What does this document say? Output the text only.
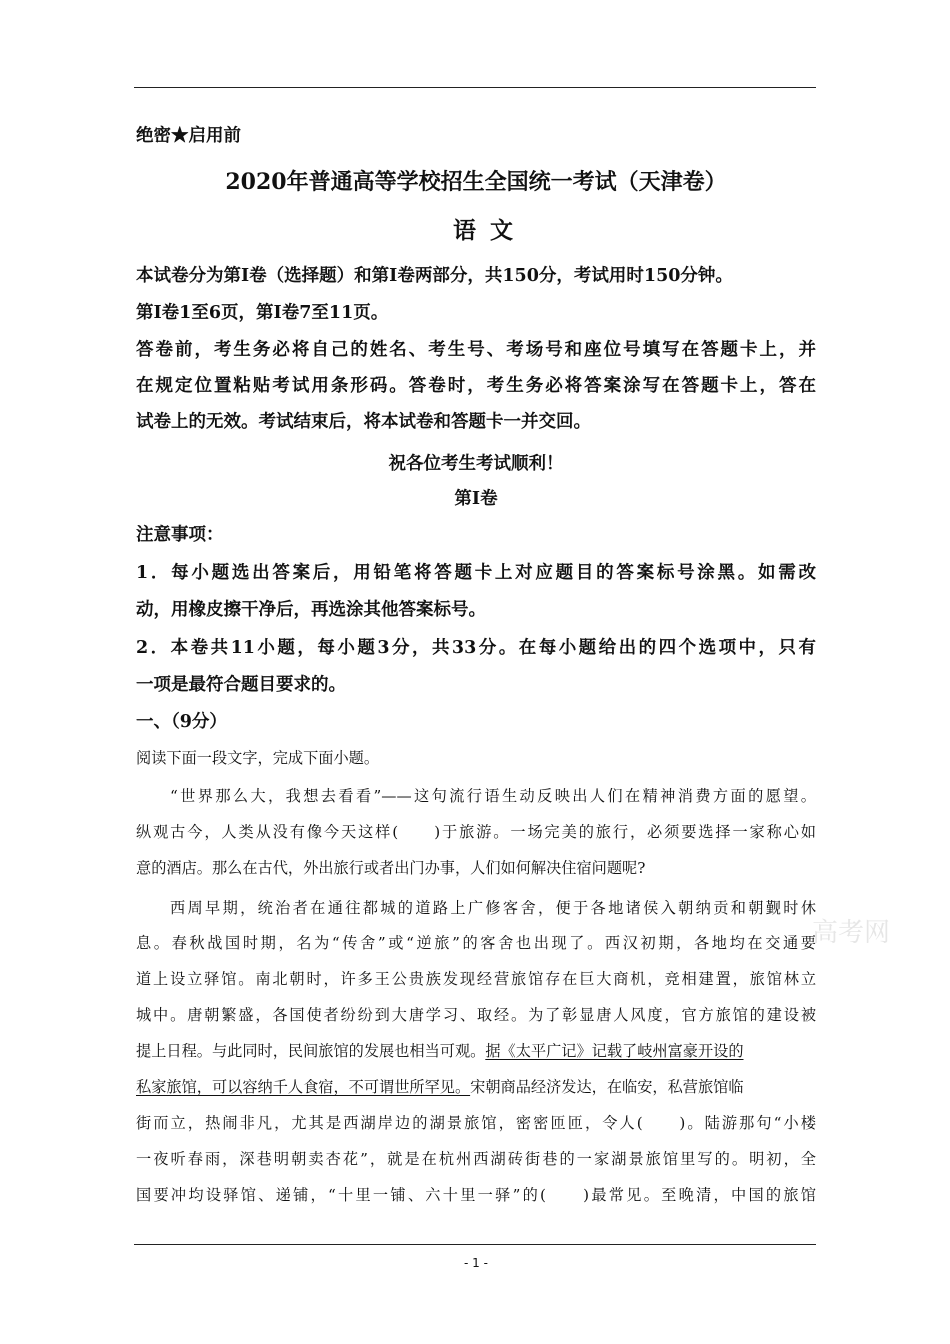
绝密★启用前
2020年普通高等学校招生全国统一考试（天津卷）
语文
本试卷分为第Ⅰ卷（选择题）和第Ⅰ卷两部分，共150分，考试用时150分钟。
第Ⅰ卷1至6页，第Ⅰ卷7至11页。
答卷前，考生务必将自己的姓名、考生号、考场号和座位号填写在答题卡上，并
在规定位置粘贴考试用条形码。答卷时，考生务必将答案涂写在答题卡上，答在
试卷上的无效。考试结束后，将本试卷和答题卡一并交回。
祝各位考生考试顺利！
第Ⅰ卷
注意事项：
1．每小题选出答案后，用铅笔将答题卡上对应题目的答案标号涂黑。如需改
动，用橡皮擦干净后，再选涂其他答案标号。
2．本卷共11小题，每小题3分，共33分。在每小题给出的四个选项中，只有
一项是最符合题目要求的。
一、（9分）
阅读下面一段文字，完成下面小题。
“世界那么大，我想去看看”——这句流行语生动反映出人们在精神消费方面的愿望。
纵观古今，人类从没有像今天这样(　　)于旅游。一场完美的旅行，必须要选择一家称心如
意的酒店。那么在古代，外出旅行或者出门办事，人们如何解决住宿问题呢?
西周早期，统治者在通往都城的道路上广修客舍，便于各地诸侯入朝纳贡和朝觐时休
息。春秋战国时期，名为“传舍”或“逆旅”的客舍也出现了。西汉初期，各地均在交通要
道上设立驿馆。南北朝时，许多王公贵族发现经营旅馆存在巨大商机，竞相建置，旅馆林立
城中。唐朝繁盛，各国使者纷纷到大唐学习、取经。为了彰显唐人风度，官方旅馆的建设被
提上日程。与此同时，民间旅馆的发展也相当可观。据《太平广记》记载了岐州富豪开设的
私家旅馆，可以容纳千人食宿，不可谓世所罕见。宋朝商品经济发达，在临安，私营旅馆临
街而立，热闹非凡，尤其是西湖岸边的湖景旅馆，密密匝匝，令人(　　)。陆游那句“小楼
一夜听春雨，深巷明朝卖杏花”，就是在杭州西湖砖街巷的一家湖景旅馆里写的。明初，全
国要冲均设驿馆、递铺，“十里一铺、六十里一驿”的(　　)最常见。至晚清，中国的旅馆
高考网
- 1 -
